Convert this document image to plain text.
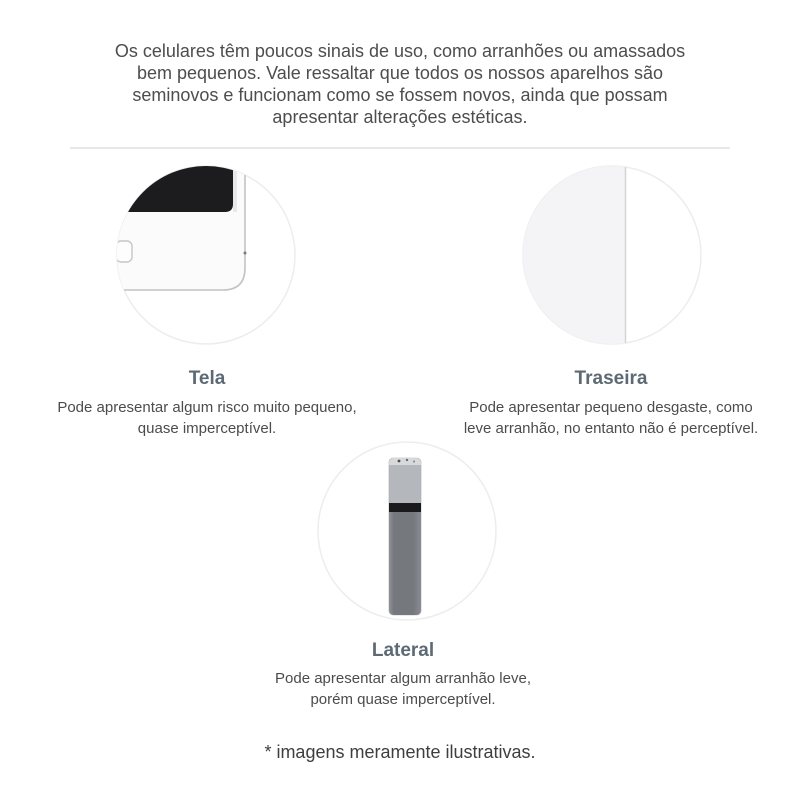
Os celulares têm poucos sinais de uso, como arranhões ou amassados
bem pequenos. Vale ressaltar que todos os nossos aparelhos são
seminovos e funcionam como se fossem novos, ainda que possam
apresentar alterações estéticas.
Tela
Pode apresentar algum risco muito pequeno,
quase imperceptível.
Traseira
Pode apresentar pequeno desgaste, como
leve arranhão, no entanto não é perceptível.
Lateral
Pode apresentar algum arranhão leve,
porém quase imperceptível.
* imagens meramente ilustrativas.
